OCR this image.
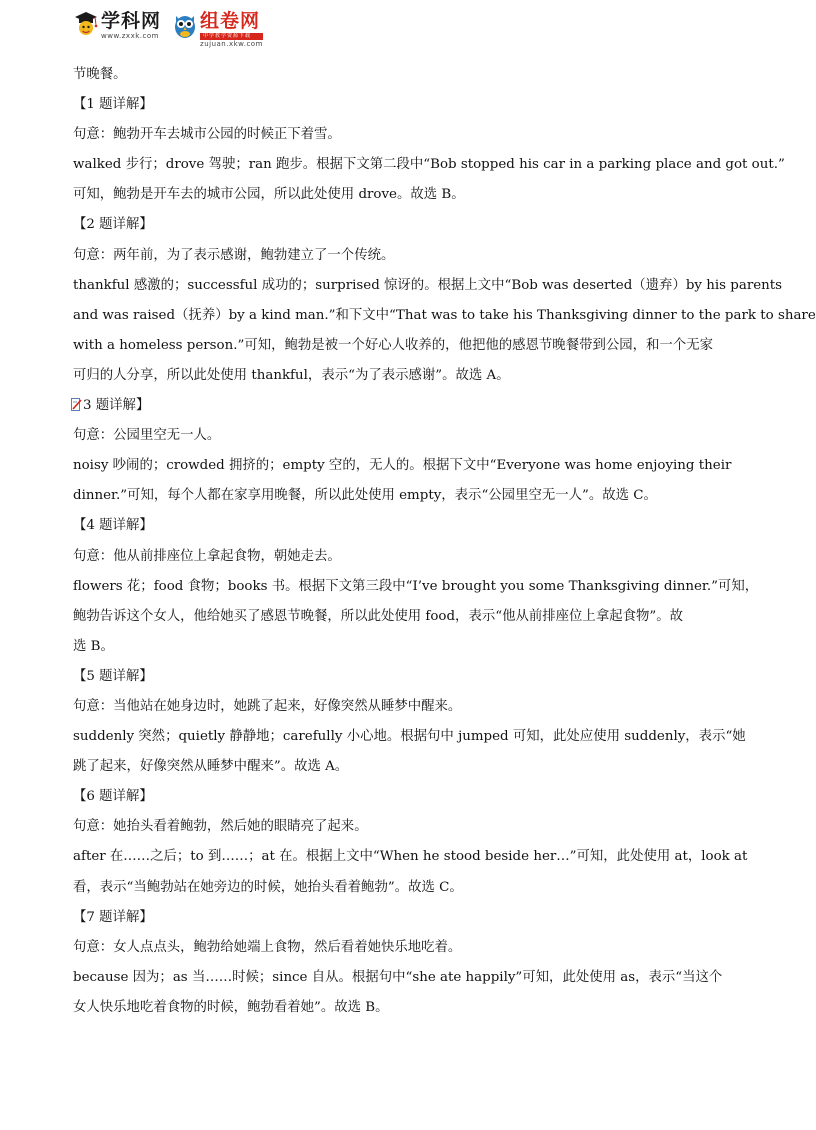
学科网
www.zxxk.com
组卷网
中学教学资源下载
zujuan.xkw.com
节晚餐。
【1 题详解】
句意：鲍勃开车去城市公园的时候正下着雪。
walked 步行；drove 驾驶；ran 跑步。根据下文第二段中“Bob stopped his car in a parking place and got out.”
可知，鲍勃是开车去的城市公园，所以此处使用 drove。故选 B。
【2 题详解】
句意：两年前，为了表示感谢，鲍勃建立了一个传统。
thankful 感激的；successful 成功的；surprised 惊讶的。根据上文中“Bob was deserted（遗弃）by his parents
and was raised（抚养）by a kind man.”和下文中“That was to take his Thanksgiving dinner to the park to share
with a homeless person.”可知，鲍勃是被一个好心人收养的，他把他的感恩节晚餐带到公园，和一个无家
可归的人分享，所以此处使用 thankful，表示“为了表示感谢”。故选 A。
3 题详解】
句意：公园里空无一人。
noisy 吵闹的；crowded 拥挤的；empty 空的，无人的。根据下文中“Everyone was home enjoying their
dinner.”可知，每个人都在家享用晚餐，所以此处使用 empty，表示“公园里空无一人”。故选 C。
【4 题详解】
句意：他从前排座位上拿起食物，朝她走去。
flowers 花；food 食物；books 书。根据下文第三段中“I’ve brought you some Thanksgiving dinner.”可知，
鲍勃告诉这个女人，他给她买了感恩节晚餐，所以此处使用 food，表示“他从前排座位上拿起食物”。故
选 B。
【5 题详解】
句意：当他站在她身边时，她跳了起来，好像突然从睡梦中醒来。
suddenly 突然；quietly 静静地；carefully 小心地。根据句中 jumped 可知，此处应使用 suddenly，表示“她
跳了起来，好像突然从睡梦中醒来”。故选 A。
【6 题详解】
句意：她抬头看着鲍勃，然后她的眼睛亮了起来。
after 在……之后；to 到……；at 在。根据上文中“When he stood beside her…”可知，此处使用 at，look at
看，表示“当鲍勃站在她旁边的时候，她抬头看着鲍勃”。故选 C。
【7 题详解】
句意：女人点点头，鲍勃给她端上食物，然后看着她快乐地吃着。
because 因为；as 当……时候；since 自从。根据句中“she ate happily”可知，此处使用 as，表示“当这个
女人快乐地吃着食物的时候，鲍勃看着她”。故选 B。
